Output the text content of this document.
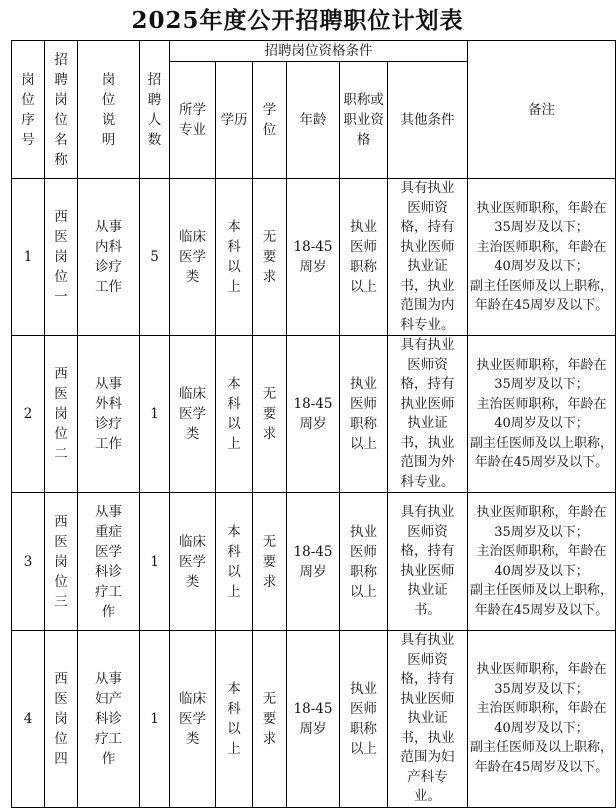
2025年度公开招聘职位计划表
岗位序号	招聘岗位名称	岗位说明	招聘人数	招聘岗位资格条件						备注
				所学专业	学历	学位	年龄	职称或职业资格	其他条件	
1	西医岗位一	从事内科诊疗工作	5	临床医学类	本科以上	无要求	18-45周岁	执业医师职称以上	具有执业医师资格，持有执业医师执业证书，执业范围为内科专业。	执业医师职称，年龄在35周岁及以下；
主治医师职称，年龄在40周岁及以下；
副主任医师及以上职称，年龄在45周岁及以下。

2	西医岗位二	从事外科诊疗工作	1	临床医学类	本科以上	无要求	18-45周岁	执业医师职称以上	具有执业医师资格，持有执业医师执业证书，执业范围为外科专业。	执业医师职称，年龄在35周岁及以下；
主治医师职称，年龄在40周岁及以下；
副主任医师及以上职称，年龄在45周岁及以下。

3	西医岗位三	从事重症医学科诊疗工作	1	临床医学类	本科以上	无要求	18-45周岁	执业医师职称以上	具有执业医师资格，持有执业医师执业证书。	执业医师职称，年龄在35周岁及以下；
主治医师职称，年龄在40周岁及以下；
副主任医师及以上职称，年龄在45周岁及以下。

4	西医岗位四	从事妇产科诊疗工作	1	临床医学类	本科以上	无要求	18-45周岁	执业医师职称以上	具有执业医师资格，持有执业医师执业证书，执业范围为妇产科专业。	执业医师职称，年龄在35周岁及以下；
主治医师职称，年龄在40周岁及以下；
副主任医师及以上职称，年龄在45周岁及以下。
